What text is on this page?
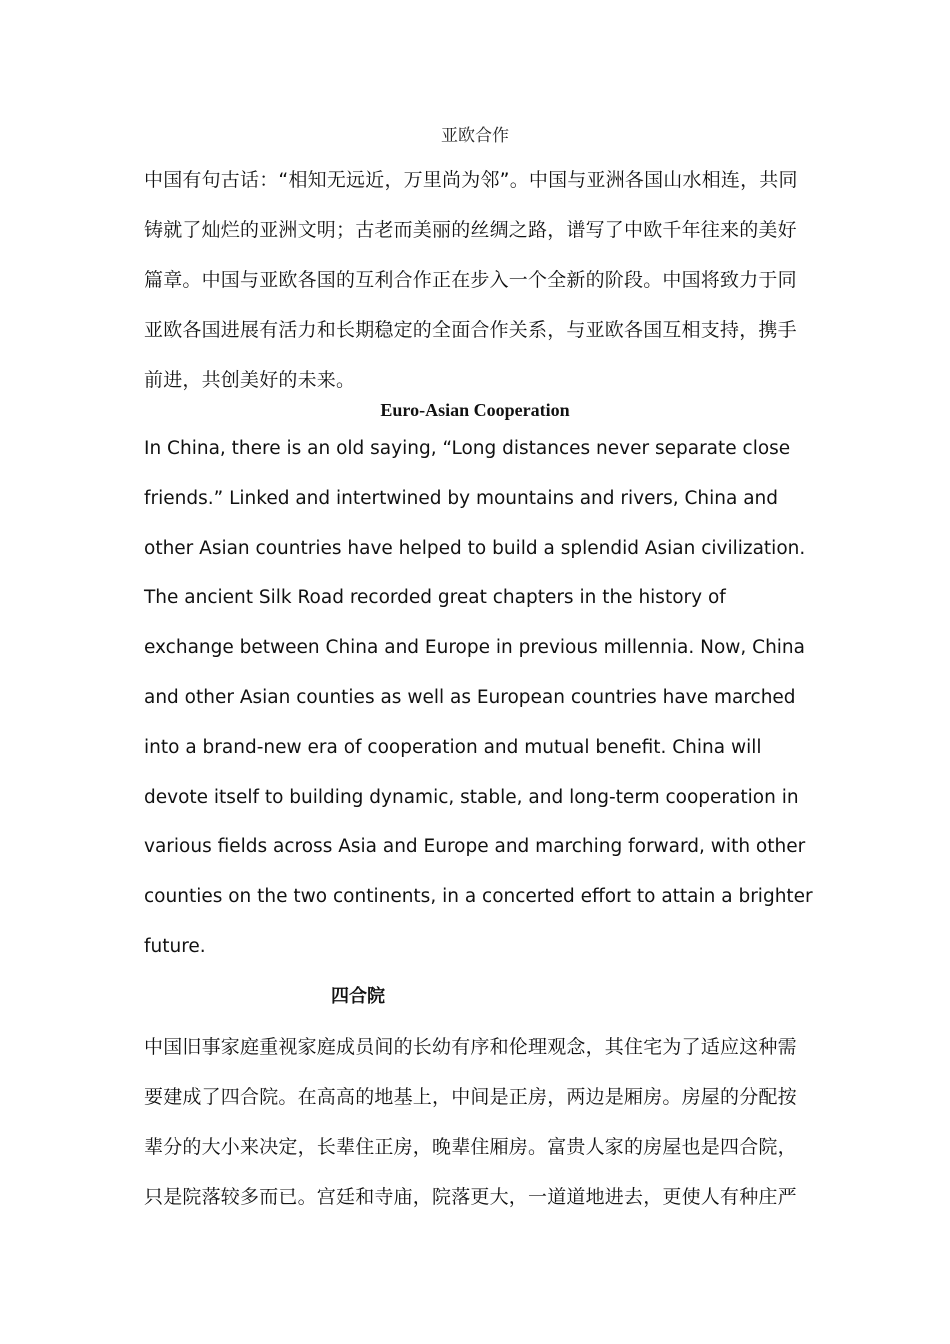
亚欧合作

中国有句古话：“相知无远近，万里尚为邻”。中国与亚洲各国山水相连，共同铸就了灿烂的亚洲文明；古老而美丽的丝绸之路，谱写了中欧千年往来的美好篇章。中国与亚欧各国的互利合作正在步入一个全新的阶段。中国将致力于同亚欧各国进展有活力和长期稳定的全面合作关系，与亚欧各国互相支持，携手前进，共创美好的未来。

Euro-Asian Cooperation

In China, there is an old saying, “Long distances never separate close friends.” Linked and intertwined by mountains and rivers, China and other Asian countries have helped to build a splendid Asian civilization. The ancient Silk Road recorded great chapters in the history of exchange between China and Europe in previous millennia. Now, China and other Asian counties as well as European countries have marched into a brand-new era of cooperation and mutual benefit. China will devote itself to building dynamic, stable, and long-term cooperation in various fields across Asia and Europe and marching forward, with other counties on the two continents, in a concerted effort to attain a brighter future.

四合院

中国旧事家庭重视家庭成员间的长幼有序和伦理观念，其住宅为了适应这种需要建成了四合院。在高高的地基上，中间是正房，两边是厢房。房屋的分配按辈分的大小来决定，长辈住正房，晚辈住厢房。富贵人家的房屋也是四合院，只是院落较多而已。宫廷和寺庙，院落更大，一道道地进去，更使人有种庄严
